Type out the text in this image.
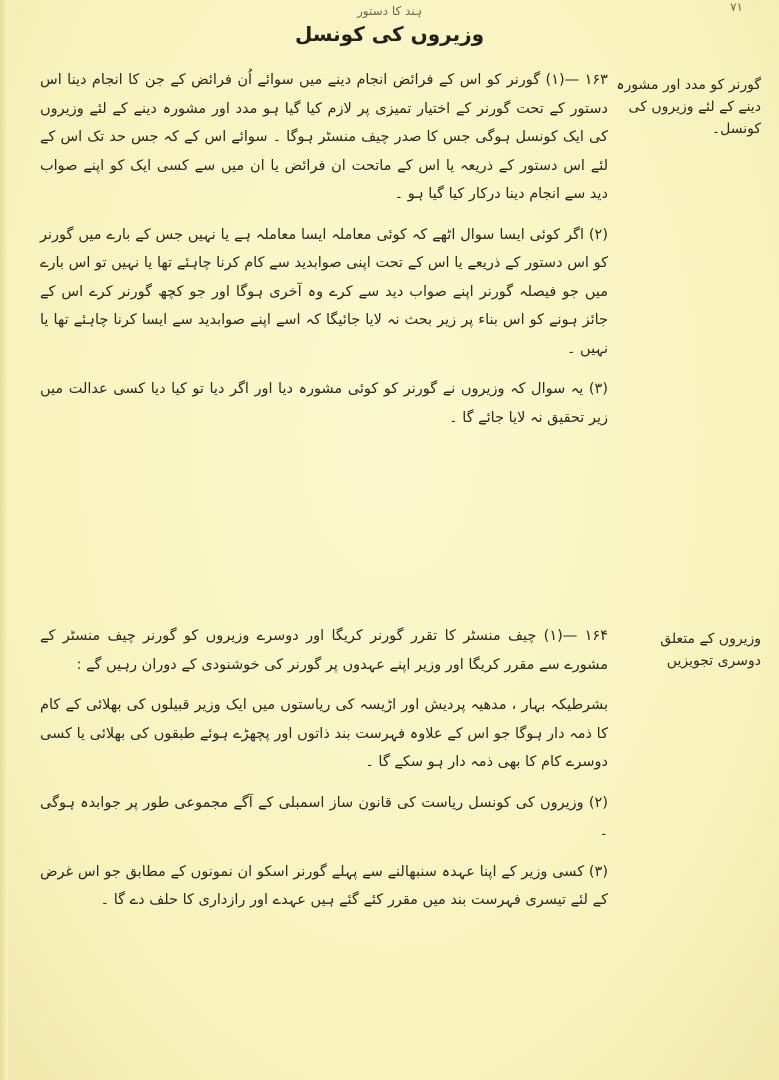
ہند کا دستور	۷۱
وزیروں کی کونسل
گورنر کو مدد اور مشورہ دینے کے لئے وزیروں کی کونسل۔

۱۶۳ —(۱) گورنر کو اس کے فرائض انجام دینے میں سوائے اُن فرائض کے جن کا انجام دینا اس دستور کے تحت گورنر کے اختیار تمیزی پر لازم کیا گیا ہو مدد اور مشورہ دینے کے لئے وزیروں کی ایک کونسل ہوگی جس کا صدر چیف منسٹر ہوگا ۔ سوائے اس کے کہ جس حد تک اس کے لئے اس دستور کے ذریعہ یا اس کے ماتحت ان فرائض یا ان میں سے کسی ایک کو اپنے صواب دید سے انجام دینا درکار کیا گیا ہو ۔

(۲) اگر کوئی ایسا سوال اٹھے کہ کوئی معاملہ ایسا معاملہ ہے یا نہیں جس کے بارے میں گورنر کو اس دستور کے ذریعے یا اس کے تحت اپنی صوابدید سے کام کرنا چاہئے تھا یا نہیں تو اس بارے میں جو فیصلہ گورنر اپنے صواب دید سے کرے وہ آخری ہوگا اور جو کچھ گورنر کرے اس کے جائز ہونے کو اس بناء پر زیر بحث نہ لایا جائیگا کہ اسے اپنے صوابدید سے ایسا کرنا چاہئے تھا یا نہیں ۔

(۳) یہ سوال کہ وزیروں نے گورنر کو کوئی مشورہ دیا اور اگر دیا تو کیا دیا کسی عدالت میں زیر تحقیق نہ لایا جائے گا ۔

وزیروں کے متعلق دوسری تجویزیں

۱۶۴ —(۱) چیف منسٹر کا تقرر گورنر کریگا اور دوسرے وزیروں کو گورنر چیف منسٹر کے مشورے سے مقرر کریگا اور وزیر اپنے عہدوں پر گورنر کی خوشنودی کے دوران رہیں گے :

بشرطیکہ بہار ، مدھیہ پردیش اور اڑیسہ کی ریاستوں میں ایک وزیر قبیلوں کی بھلائی کے کام کا ذمہ دار ہوگا جو اس کے علاوہ فہرست بند ذاتوں اور پچھڑے ہوئے طبقوں کی بھلائی یا کسی دوسرے کام کا بھی ذمہ دار ہو سکے گا ۔

(۲) وزیروں کی کونسل ریاست کی قانون ساز اسمبلی کے آگے مجموعی طور پر جوابدہ ہوگی ۔

(۳) کسی وزیر کے اپنا عہدہ سنبھالنے سے پہلے گورنر اسکو ان نمونوں کے مطابق جو اس غرض کے لئے تیسری فہرست بند میں مقرر کئے گئے ہیں عہدے اور رازداری کا حلف دے گا ۔
